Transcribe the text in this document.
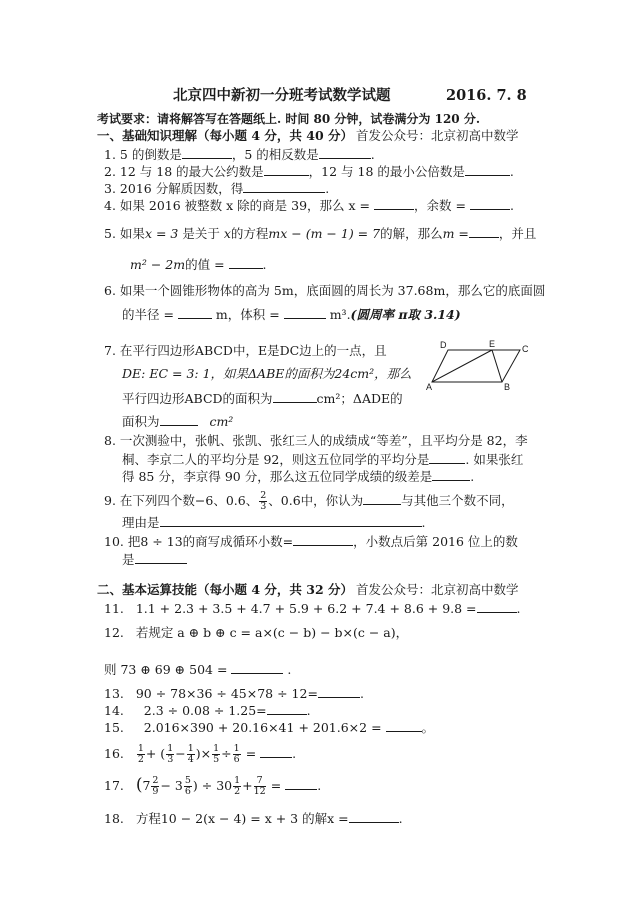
北京四中新初一分班考试数学试题	2016. 7. 8
考试要求：请将解答写在答题纸上. 时间 80 分钟，试卷满分为 120 分.
一、基础知识理解（每小题 4 分，共 40 分） 首发公众号：北京初高中数学
1. 5 的倒数是	，5 的相反数是	.
2. 12 与 18 的最大公约数是	，12 与 18 的最小公倍数是	.
3. 2016 分解质因数，得	.
4. 如果 2016 被整数 x 除的商是 39，那么 x =	，余数 =	.
5. 如果x = 3 是关于 x的方程mx − (m − 1) = 7的解，那么m = ，并且
m² − 2m的值 =	.
6. 如果一个圆锥形物体的高为 5m，底面圆的周长为 37.68m，那么它的底面圆
的半径 =	m，体积 =	m³.(圆周率 π取 3.14)
7. 在平行四边形ABCD中，E是DC边上的一点，且
DE: EC = 3: 1，如果ΔABE的面积为24cm²，那么
平行四边形ABCD的面积为	cm²；ΔADE的
面积为	cm²
A	B
C
D	E
8. 一次测验中，张帆、张凯、张红三人的成绩成“等差”，且平均分是 82，李
桐、李京二人的平均分是 92，则这五位同学的平均分是	. 如果张红
得 85 分，李京得 90 分，那么这五位同学成绩的级差是	.
9. 在下列四个数−6、0.6、 $\frac{2}{3}$ 、0.6̇中，你认为	与其他三个数不同，
理由是	.
10. 把8 ÷ 13的商写成循环小数=	，小数点后第 2016 位上的数
是
二、基本运算技能（每小题 4 分，共 32 分） 首发公众号：北京初高中数学
11. 1.1 + 2.3 + 3.5 + 4.7 + 5.9 + 6.2 + 7.4 + 8.6 + 9.8 =	.
12. 若规定 a ⊕ b ⊕ c = a×(c − b) − b×(c − a)，
则 73 ⊕ 69 ⊕ 504 =	.
13. 90 ÷ 78×36 ÷ 45×78 ÷ 12=	.
14. 2.3 ÷ 0.08 ÷ 1.25=	.
15. 2.016×390 + 20.16×41 + 201.6×2 =	。
16. $\frac{1}{2}$ + ( $\frac{1}{3} - \frac{1}{4}$ )× $\frac{1}{5} \div \frac{1}{6}$ =	.
17. ($7 \frac{2}{9} - 3 \frac{5}{6}$ ) ÷ $30 \frac{1}{2} + \frac{7}{12}$ =	.
18. 方程10 − 2(x − 4) = x + 3 的解x =	.
